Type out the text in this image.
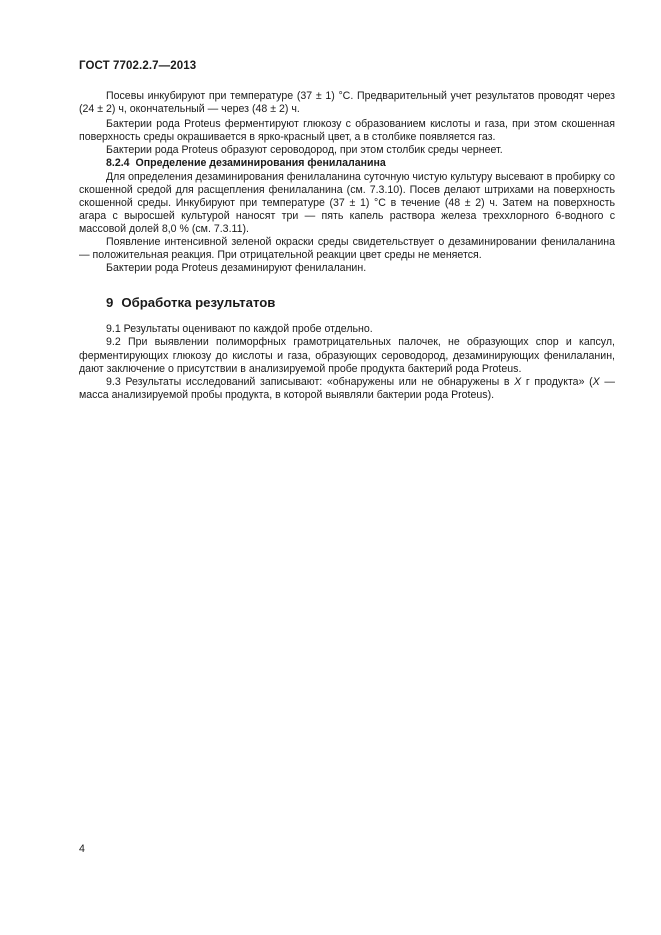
ГОСТ 7702.2.7—2013

Посевы инкубируют при температуре (37 ± 1) °С. Предварительный учет результатов проводят через (24 ± 2) ч, окончательный — через (48 ± 2) ч.

Бактерии рода Proteus ферментируют глюкозу с образованием кислоты и газа, при этом скошенная поверхность среды окрашивается в ярко-красный цвет, а в столбике появляется газ.

Бактерии рода Proteus образуют сероводород, при этом столбик среды чернеет.

8.2.4 Определение дезаминирования фенилаланина

Для определения дезаминирования фенилаланина суточную чистую культуру высевают в пробирку со скошенной средой для расщепления фенилаланина (см. 7.3.10). Посев делают штрихами на поверхность скошенной среды. Инкубируют при температуре (37 ± 1) °С в течение (48 ± 2) ч. Затем на поверхность агара с выросшей культурой наносят три — пять капель раствора железа треххлорного 6-водного с массовой долей 8,0 % (см. 7.3.11).

Появление интенсивной зеленой окраски среды свидетельствует о дезаминировании фенилаланина — положительная реакция. При отрицательной реакции цвет среды не меняется.

Бактерии рода Proteus дезаминируют фенилаланин.

9 Обработка результатов

9.1 Результаты оценивают по каждой пробе отдельно.

9.2 При выявлении полиморфных грамотрицательных палочек, не образующих спор и капсул, ферментирующих глюкозу до кислоты и газа, образующих сероводород, дезаминирующих фенилаланин, дают заключение о присутствии в анализируемой пробе продукта бактерий рода Proteus.

9.3 Результаты исследований записывают: «обнаружены или не обнаружены в X г продукта» (X — масса анализируемой пробы продукта, в которой выявляли бактерии рода Proteus).

4
